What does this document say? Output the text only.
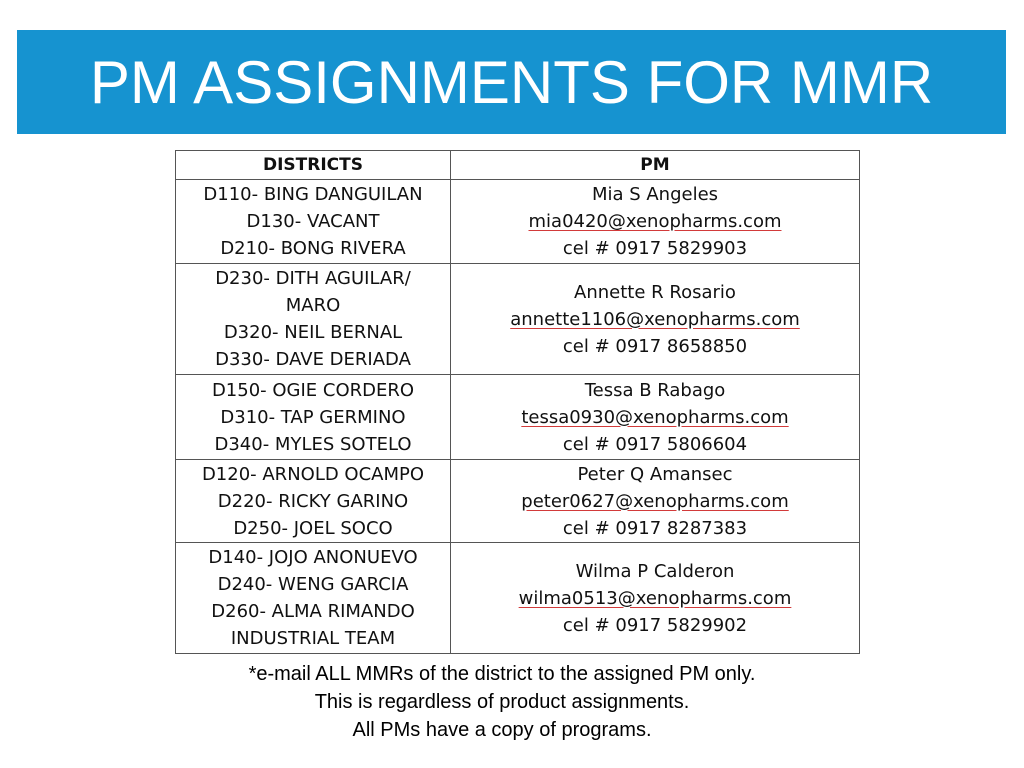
PM ASSIGNMENTS FOR MMR
DISTRICTS	PM

D110- BING DANGUILAN
D130- VACANT
D210- BONG RIVERA	Mia S Angeles
mia0420@xenopharms.com
cel # 0917 5829903

D230- DITH AGUILAR/
MARO
D320- NEIL BERNAL
D330- DAVE DERIADA	Annette R Rosario
annette1106@xenopharms.com
cel # 0917 8658850

D150- OGIE CORDERO
D310- TAP GERMINO
D340- MYLES SOTELO	Tessa B Rabago
tessa0930@xenopharms.com
cel # 0917 5806604

D120- ARNOLD OCAMPO
D220- RICKY GARINO
D250- JOEL SOCO	Peter Q Amansec
peter0627@xenopharms.com
cel # 0917 8287383

D140- JOJO ANONUEVO
D240- WENG GARCIA
D260- ALMA RIMANDO
INDUSTRIAL TEAM	Wilma P Calderon
wilma0513@xenopharms.com
cel # 0917 5829902
*e-mail ALL MMRs of the district to the assigned PM only.
This is regardless of product assignments.
All PMs have a copy of programs.
